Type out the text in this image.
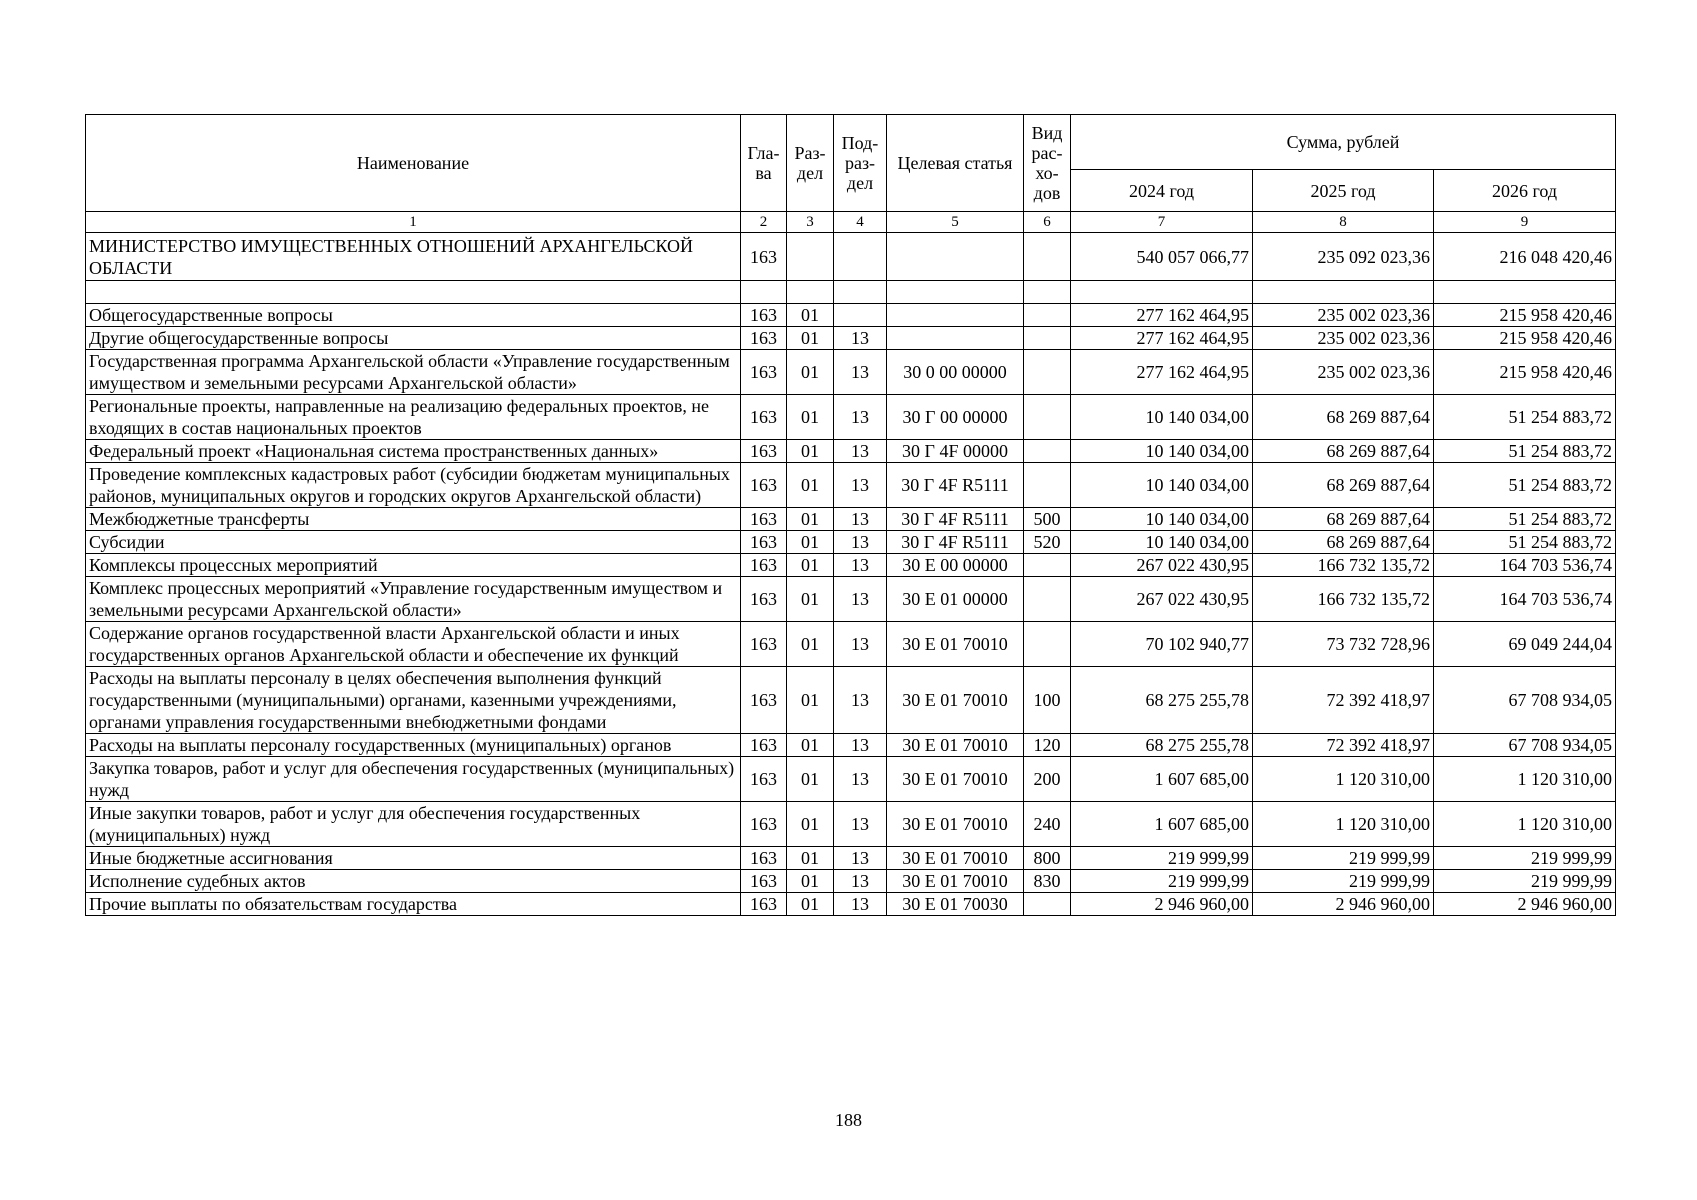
Наименование	Гла-ва	Раз-дел	Под-раз-дел	Целевая статья	Вид рас-хо-дов	Сумма, рублей		
						2024 год	2025 год	2026 год
1	2	3	4	5	6	7	8	9
МИНИСТЕРСТВО ИМУЩЕСТВЕННЫХ ОТНОШЕНИЙ АРХАНГЕЛЬСКОЙ ОБЛАСТИ	163					540 057 066,77	235 092 023,36	216 048 420,46

Общегосударственные вопросы	163	01				277 162 464,95	235 002 023,36	215 958 420,46
Другие общегосударственные вопросы	163	01	13			277 162 464,95	235 002 023,36	215 958 420,46
Государственная программа Архангельской области «Управление государственным имуществом и земельными ресурсами Архангельской области»	163	01	13	30 0 00 00000		277 162 464,95	235 002 023,36	215 958 420,46
Региональные проекты, направленные на реализацию федеральных проектов, не входящих в состав национальных проектов	163	01	13	30 Г 00 00000		10 140 034,00	68 269 887,64	51 254 883,72
Федеральный проект «Национальная система пространственных данных»	163	01	13	30 Г 4F 00000		10 140 034,00	68 269 887,64	51 254 883,72
Проведение комплексных кадастровых работ (субсидии бюджетам муниципальных районов, муниципальных округов и городских округов Архангельской области)	163	01	13	30 Г 4F R5111		10 140 034,00	68 269 887,64	51 254 883,72
Межбюджетные трансферты	163	01	13	30 Г 4F R5111	500	10 140 034,00	68 269 887,64	51 254 883,72
Субсидии	163	01	13	30 Г 4F R5111	520	10 140 034,00	68 269 887,64	51 254 883,72
Комплексы процессных мероприятий	163	01	13	30 Е 00 00000		267 022 430,95	166 732 135,72	164 703 536,74
Комплекс процессных мероприятий «Управление государственным имуществом и земельными ресурсами Архангельской области»	163	01	13	30 Е 01 00000		267 022 430,95	166 732 135,72	164 703 536,74
Содержание органов государственной власти Архангельской области и иных государственных органов Архангельской области и обеспечение их функций	163	01	13	30 Е 01 70010		70 102 940,77	73 732 728,96	69 049 244,04
Расходы на выплаты персоналу в целях обеспечения выполнения функций государственными (муниципальными) органами, казенными учреждениями, органами управления государственными внебюджетными фондами	163	01	13	30 Е 01 70010	100	68 275 255,78	72 392 418,97	67 708 934,05
Расходы на выплаты персоналу государственных (муниципальных) органов	163	01	13	30 Е 01 70010	120	68 275 255,78	72 392 418,97	67 708 934,05
Закупка товаров, работ и услуг для обеспечения государственных (муниципальных) нужд	163	01	13	30 Е 01 70010	200	1 607 685,00	1 120 310,00	1 120 310,00
Иные закупки товаров, работ и услуг для обеспечения государственных (муниципальных) нужд	163	01	13	30 Е 01 70010	240	1 607 685,00	1 120 310,00	1 120 310,00
Иные бюджетные ассигнования	163	01	13	30 Е 01 70010	800	219 999,99	219 999,99	219 999,99
Исполнение судебных актов	163	01	13	30 Е 01 70010	830	219 999,99	219 999,99	219 999,99
Прочие выплаты по обязательствам государства	163	01	13	30 Е 01 70030		2 946 960,00	2 946 960,00	2 946 960,00
188
